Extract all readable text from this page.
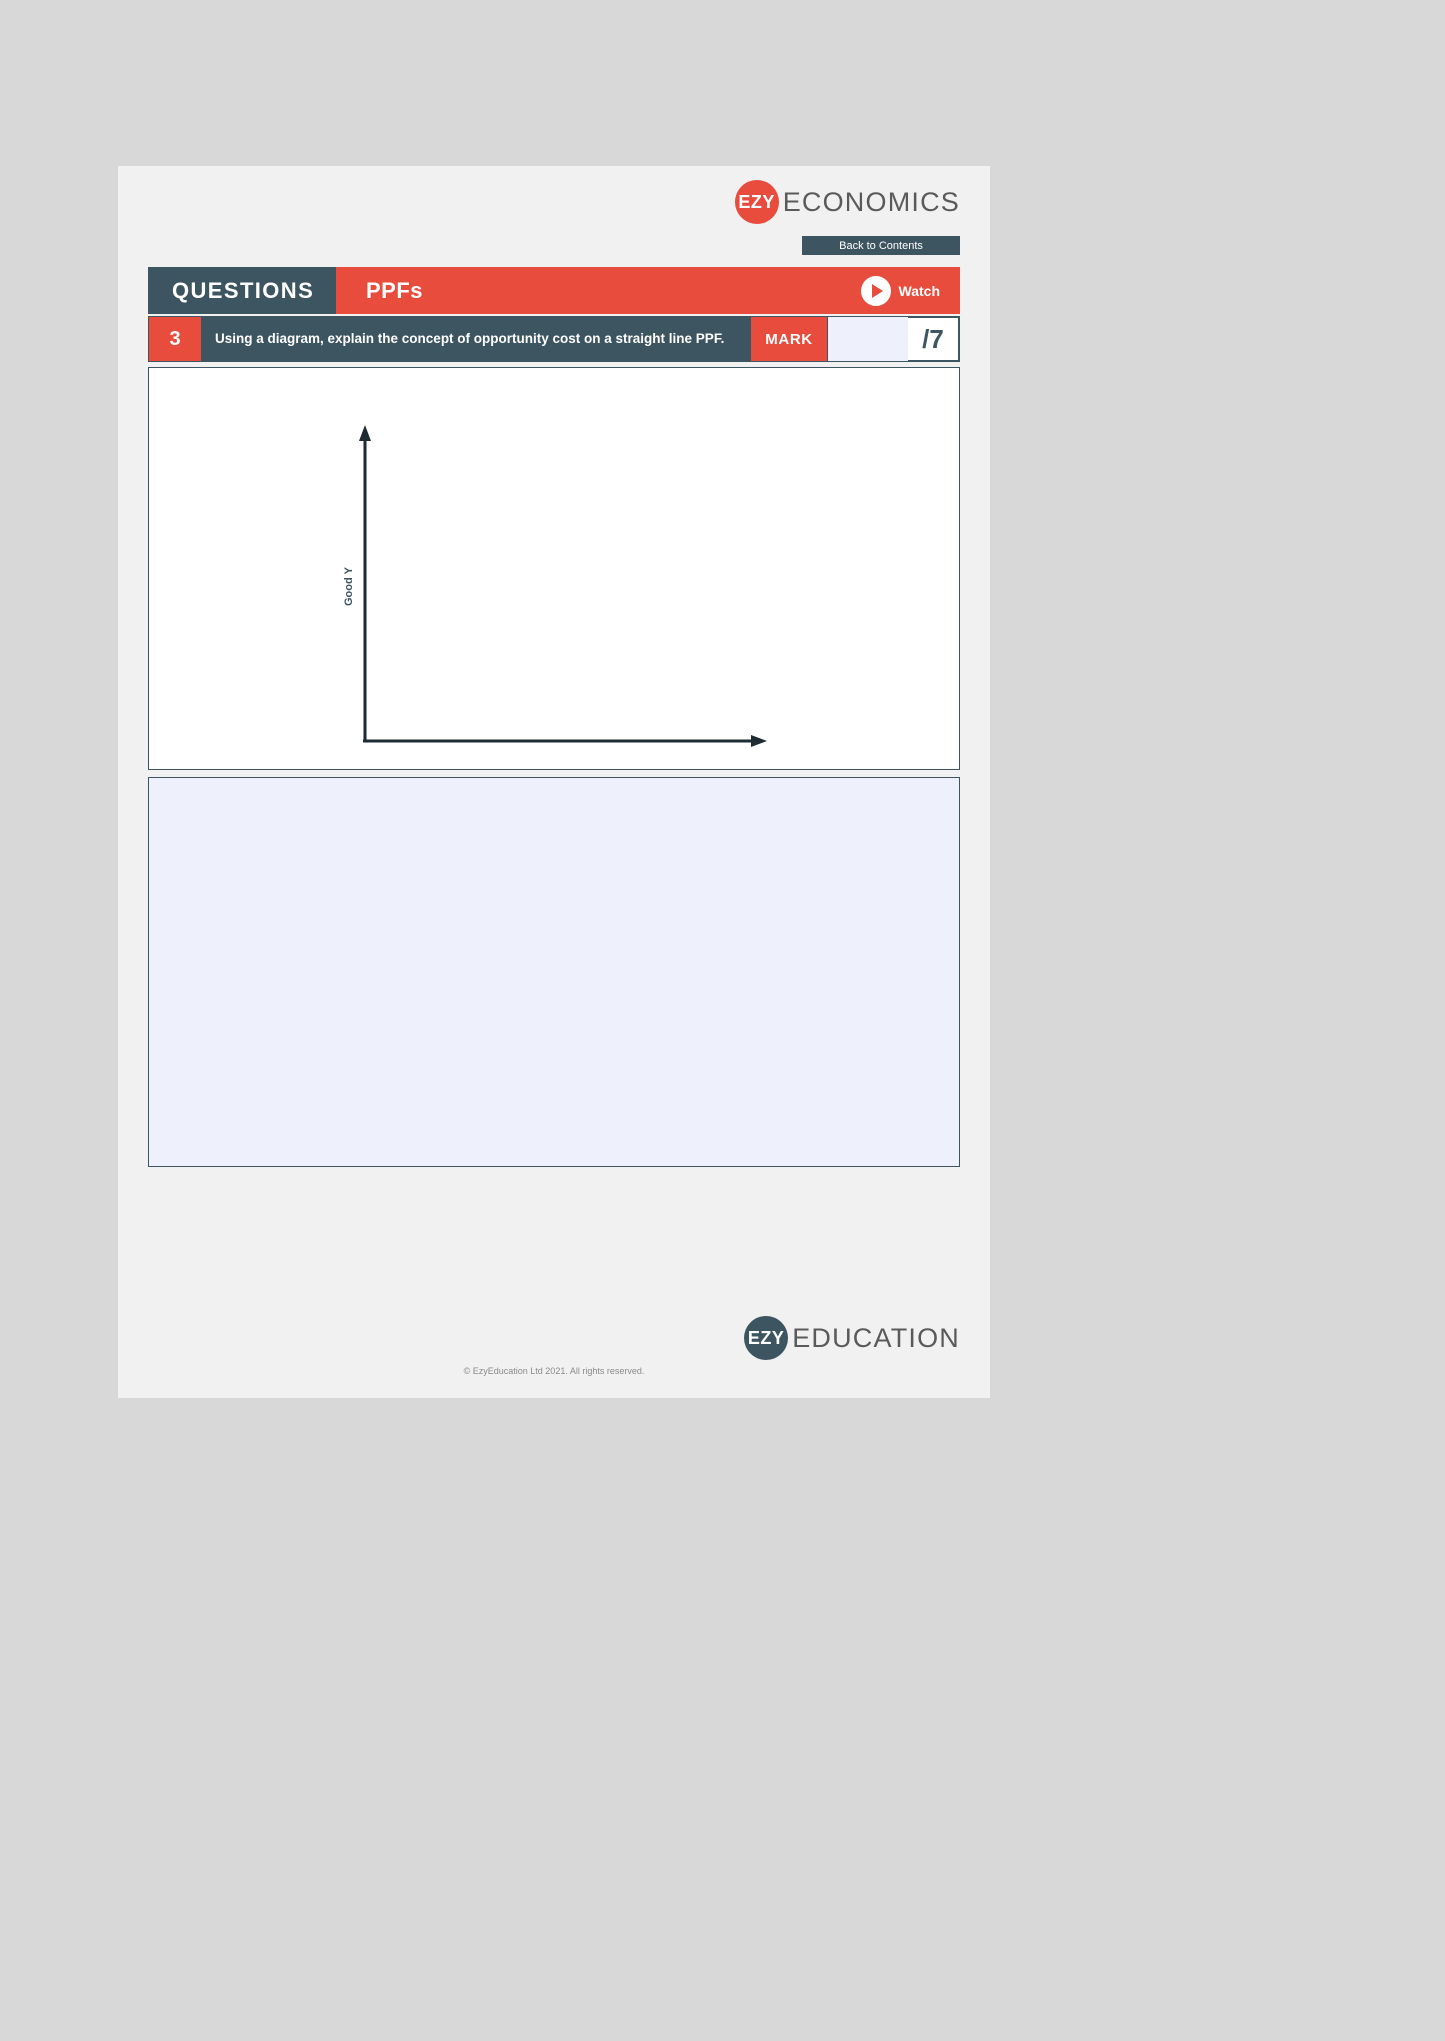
EZY ECONOMICS
Back to Contents
QUESTIONS	PPFs	Watch
3	Using a diagram, explain the concept of opportunity cost on a straight line PPF.	MARK	/7
Good Y
EZY EDUCATION
© EzyEducation Ltd 2021. All rights reserved.
